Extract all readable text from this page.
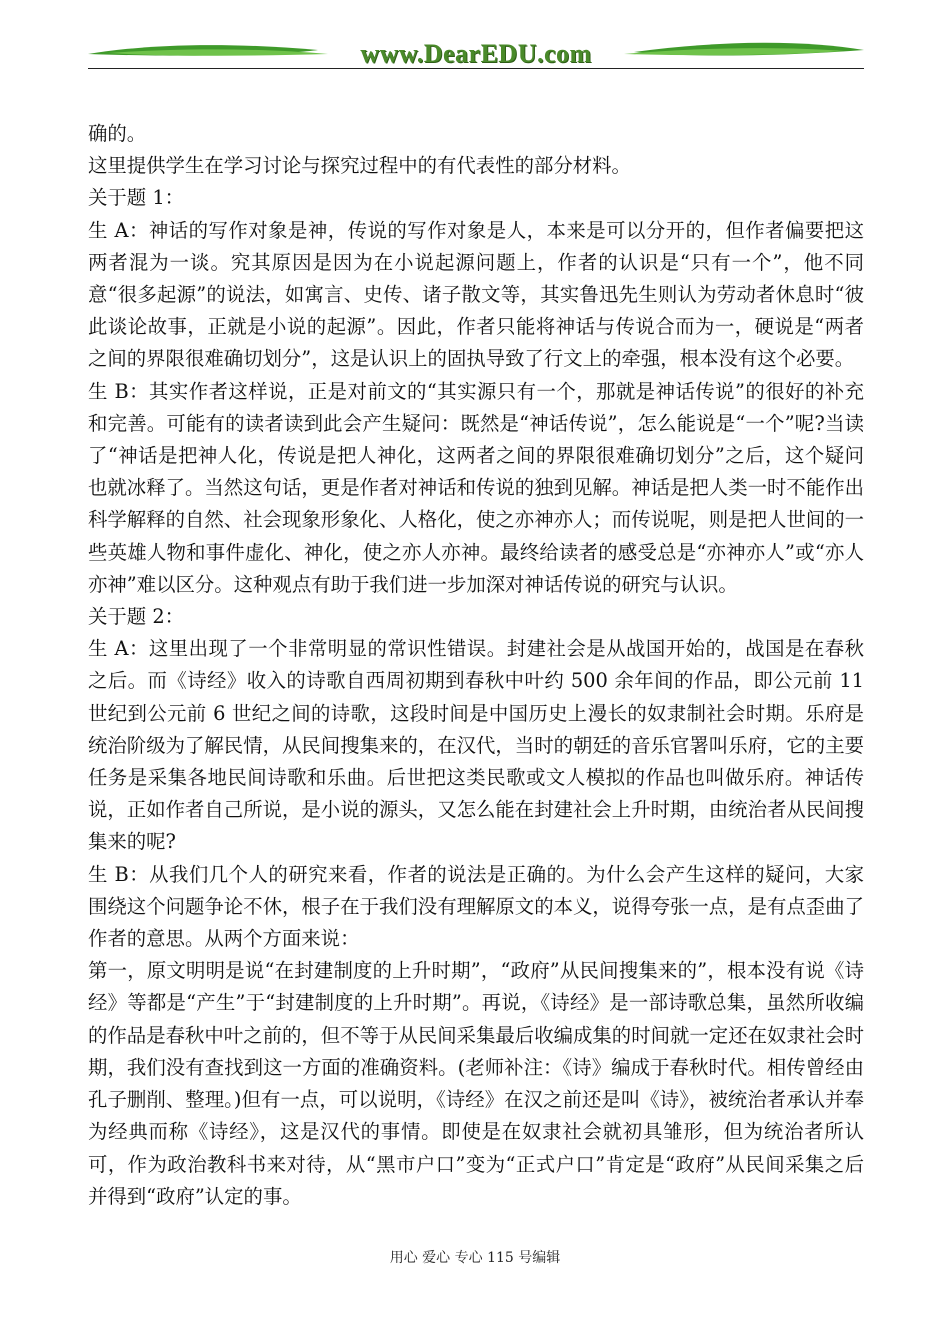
www.DearEDU.com

确的。

这里提供学生在学习讨论与探究过程中的有代表性的部分材料。

关于题 1：

生 A：神话的写作对象是神，传说的写作对象是人，本来是可以分开的，但作者偏要把这两者混为一谈。究其原因是因为在小说起源问题上，作者的认识是“只有一个”，他不同意“很多起源”的说法，如寓言、史传、诸子散文等，其实鲁迅先生则认为劳动者休息时“彼此谈论故事，正就是小说的起源”。因此，作者只能将神话与传说合而为一，硬说是“两者之间的界限很难确切划分”，这是认识上的固执导致了行文上的牵强，根本没有这个必要。

生 B：其实作者这样说，正是对前文的“其实源只有一个，那就是神话传说”的很好的补充和完善。可能有的读者读到此会产生疑问：既然是“神话传说”，怎么能说是“一个”呢?当读了“神话是把神人化，传说是把人神化，这两者之间的界限很难确切划分”之后，这个疑问也就冰释了。当然这句话，更是作者对神话和传说的独到见解。神话是把人类一时不能作出科学解释的自然、社会现象形象化、人格化，使之亦神亦人；而传说呢，则是把人世间的一些英雄人物和事件虚化、神化，使之亦人亦神。最终给读者的感受总是“亦神亦人”或“亦人亦神”难以区分。这种观点有助于我们进一步加深对神话传说的研究与认识。

关于题 2：

生 A：这里出现了一个非常明显的常识性错误。封建社会是从战国开始的，战国是在春秋之后。而《诗经》收入的诗歌自西周初期到春秋中叶约 500 余年间的作品，即公元前 11 世纪到公元前 6 世纪之间的诗歌，这段时间是中国历史上漫长的奴隶制社会时期。乐府是统治阶级为了解民情，从民间搜集来的，在汉代，当时的朝廷的音乐官署叫乐府，它的主要任务是采集各地民间诗歌和乐曲。后世把这类民歌或文人模拟的作品也叫做乐府。神话传说，正如作者自己所说，是小说的源头，又怎么能在封建社会上升时期，由统治者从民间搜集来的呢?

生 B：从我们几个人的研究来看，作者的说法是正确的。为什么会产生这样的疑问，大家围绕这个问题争论不休，根子在于我们没有理解原文的本义，说得夸张一点，是有点歪曲了作者的意思。从两个方面来说：

第一，原文明明是说“在封建制度的上升时期”，“政府”从民间搜集来的”，根本没有说《诗经》等都是“产生”于“封建制度的上升时期”。再说，《诗经》是一部诗歌总集，虽然所收编的作品是春秋中叶之前的，但不等于从民间采集最后收编成集的时间就一定还在奴隶社会时期，我们没有查找到这一方面的准确资料。(老师补注：《诗》编成于春秋时代。相传曾经由孔子删削、整理。)但有一点，可以说明，《诗经》在汉之前还是叫《诗》，被统治者承认并奉为经典而称《诗经》，这是汉代的事情。即使是在奴隶社会就初具雏形，但为统治者所认可，作为政治教科书来对待，从“黑市户口”变为“正式户口”肯定是“政府”从民间采集之后并得到“政府”认定的事。

用心 爱心 专心 115 号编辑
